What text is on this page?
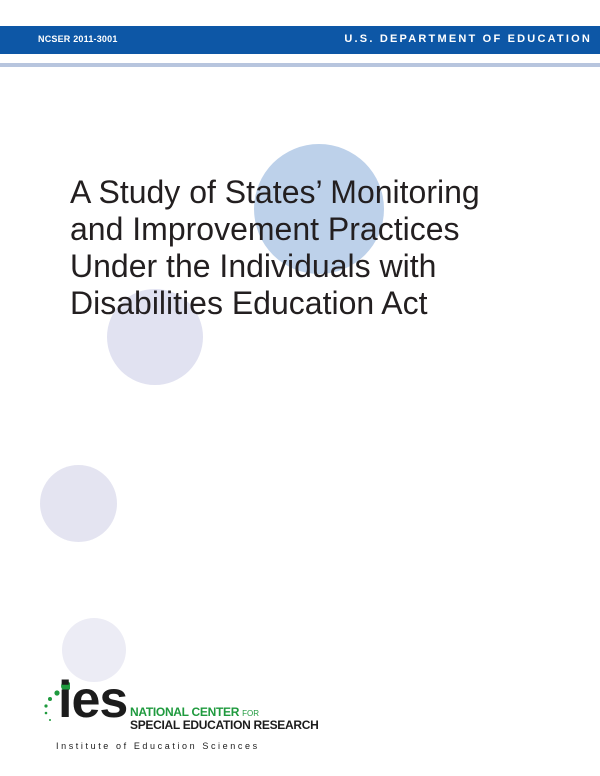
NCSER 2011-3001	U.S. DEPARTMENT OF EDUCATION
A Study of States’ Monitoring
and Improvement Practices
Under the Individuals with
Disabilities Education Act
ies NATIONAL CENTER FOR
SPECIAL EDUCATION RESEARCH
Institute of Education Sciences
